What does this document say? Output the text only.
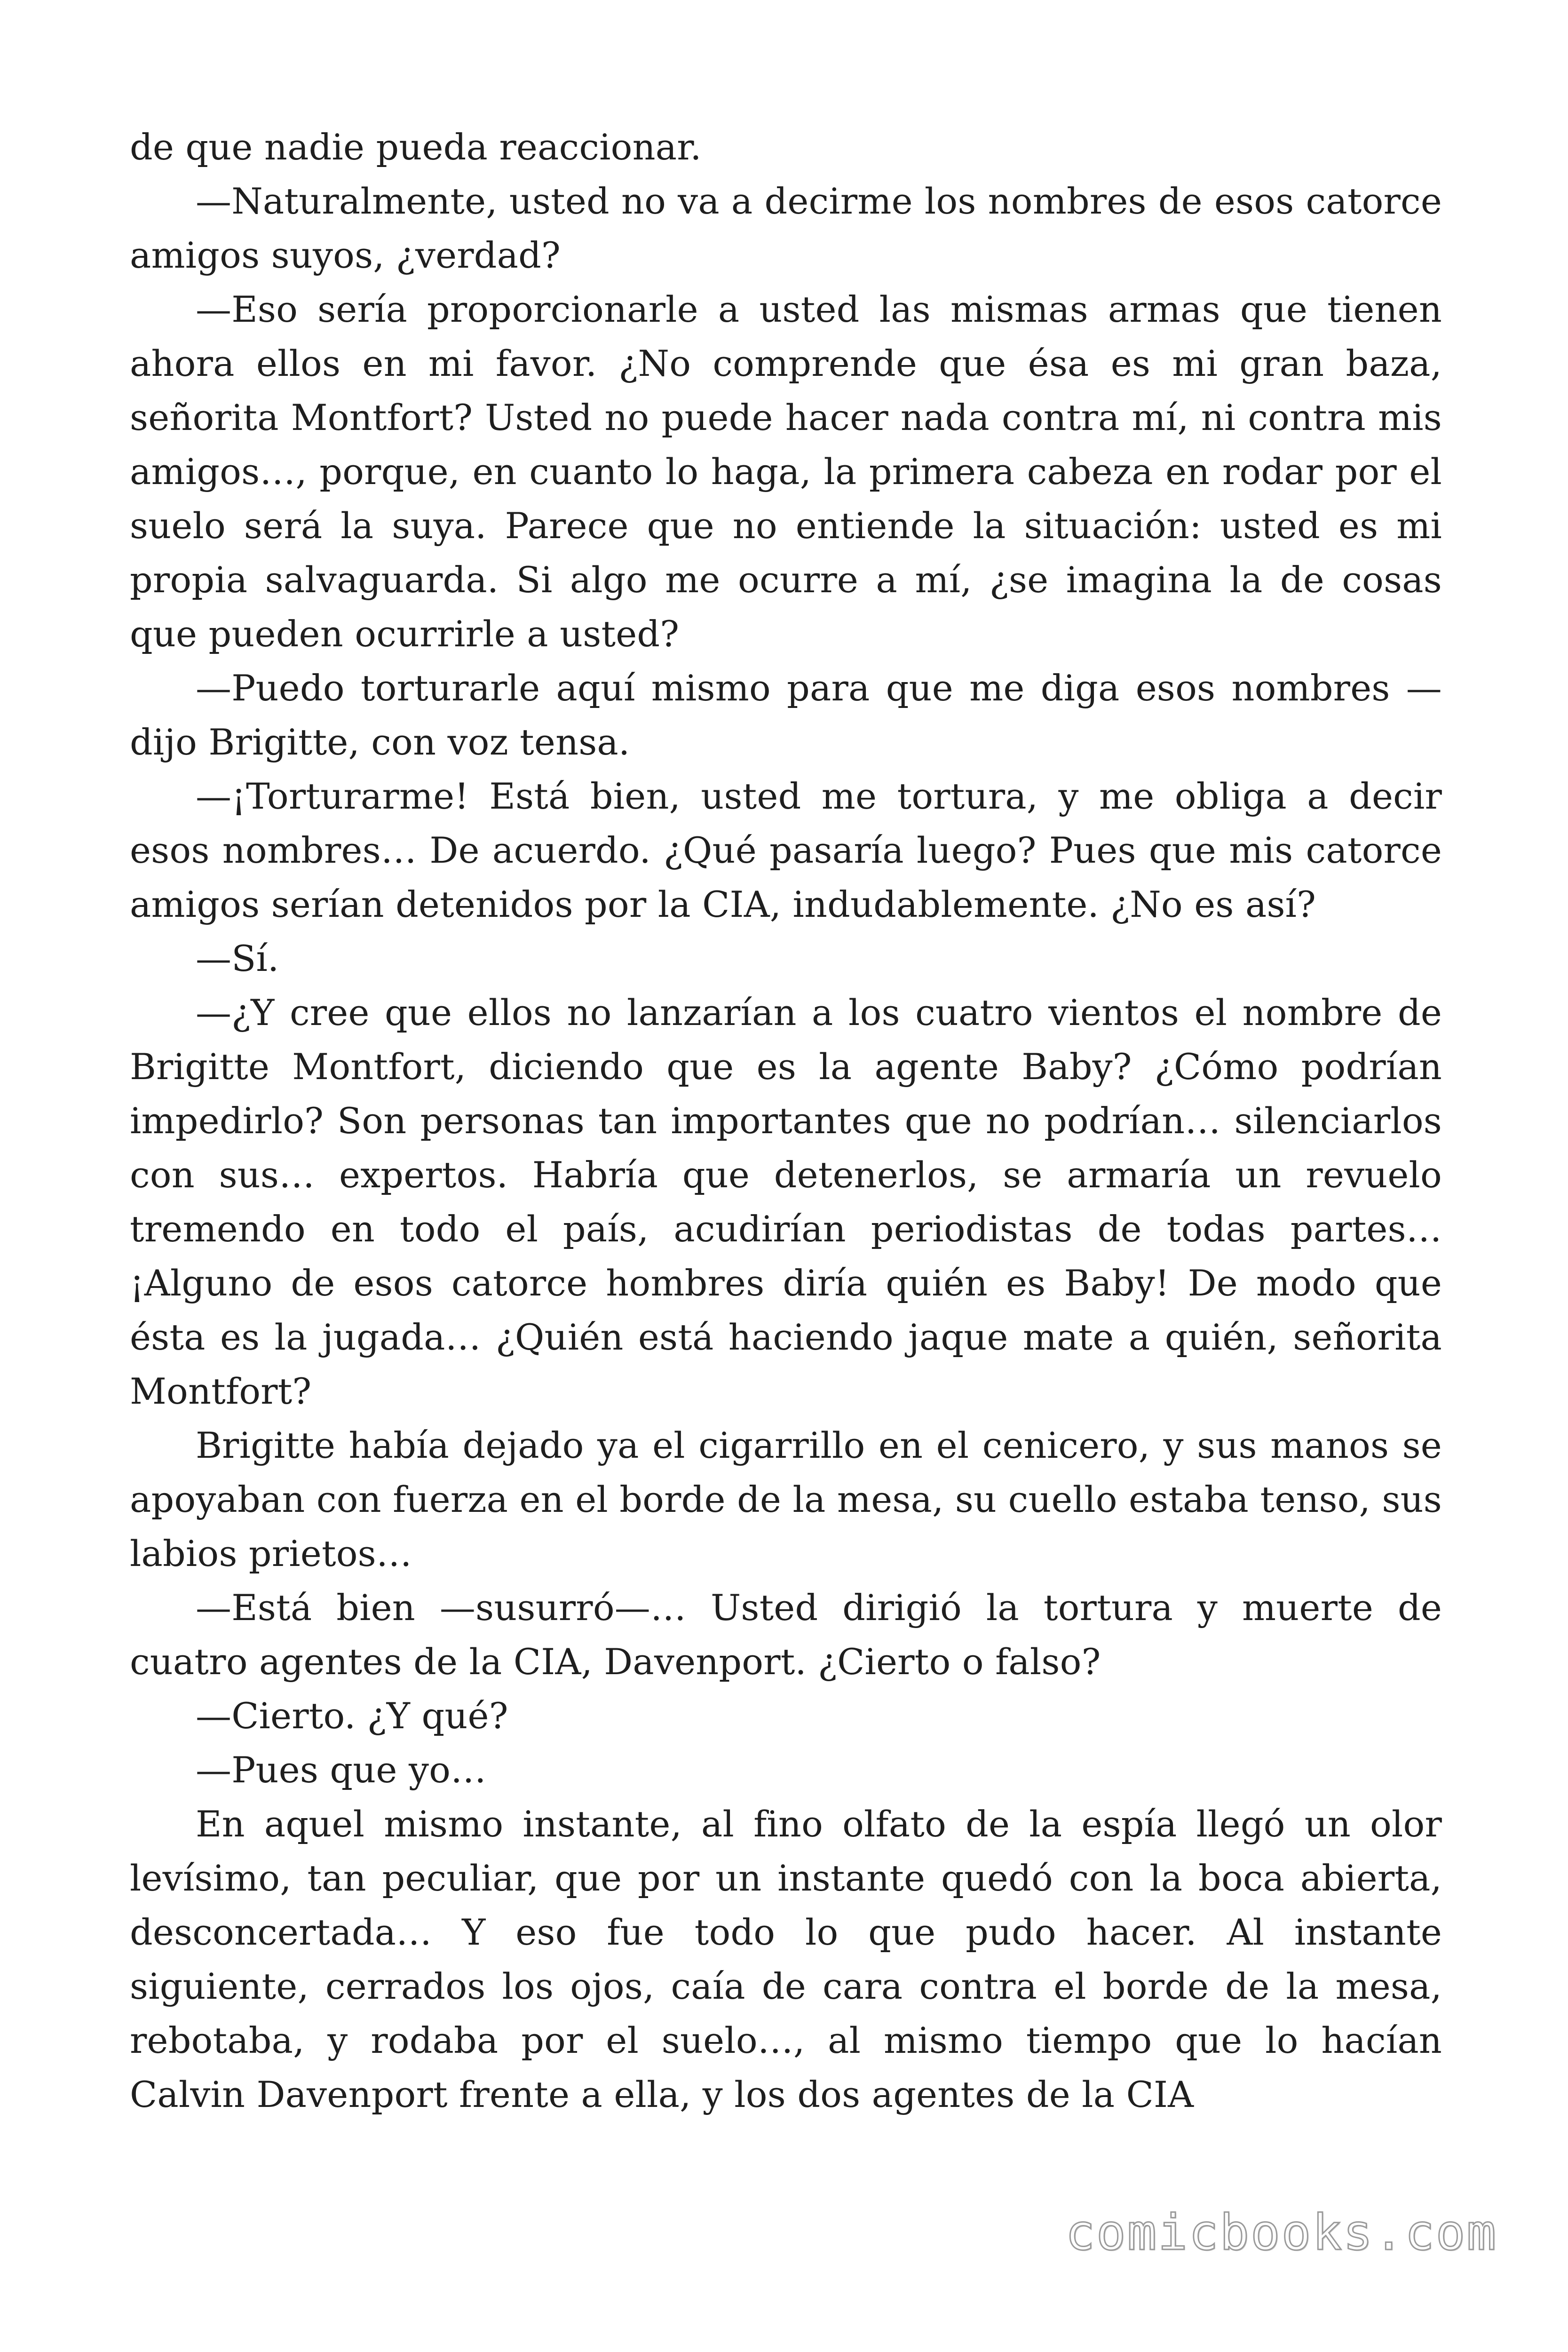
de que nadie pueda reaccionar.

—Naturalmente, usted no va a decirme los nombres de esos catorce amigos suyos, ¿verdad?

—Eso sería proporcionarle a usted las mismas armas que tienen ahora ellos en mi favor. ¿No comprende que ésa es mi gran baza, señorita Montfort? Usted no puede hacer nada contra mí, ni contra mis amigos…, porque, en cuanto lo haga, la primera cabeza en rodar por el suelo será la suya. Parece que no entiende la situación: usted es mi propia salvaguarda. Si algo me ocurre a mí, ¿se imagina la de cosas que pueden ocurrirle a usted?

—Puedo torturarle aquí mismo para que me diga esos nombres — dijo Brigitte, con voz tensa.

—¡Torturarme! Está bien, usted me tortura, y me obliga a decir esos nombres… De acuerdo. ¿Qué pasaría luego? Pues que mis catorce amigos serían detenidos por la CIA, indudablemente. ¿No es así?

—Sí.

—¿Y cree que ellos no lanzarían a los cuatro vientos el nombre de Brigitte Montfort, diciendo que es la agente Baby? ¿Cómo podrían impedirlo? Son personas tan importantes que no podrían… silenciarlos con sus… expertos. Habría que detenerlos, se armaría un revuelo tremendo en todo el país, acudirían periodistas de todas partes… ¡Alguno de esos catorce hombres diría quién es Baby! De modo que ésta es la jugada… ¿Quién está haciendo jaque mate a quién, señorita Montfort?

Brigitte había dejado ya el cigarrillo en el cenicero, y sus manos se apoyaban con fuerza en el borde de la mesa, su cuello estaba tenso, sus labios prietos…

—Está bien —susurró—… Usted dirigió la tortura y muerte de cuatro agentes de la CIA, Davenport. ¿Cierto o falso?

—Cierto. ¿Y qué?

—Pues que yo…

En aquel mismo instante, al fino olfato de la espía llegó un olor levísimo, tan peculiar, que por un instante quedó con la boca abierta, desconcertada… Y eso fue todo lo que pudo hacer. Al instante siguiente, cerrados los ojos, caía de cara contra el borde de la mesa, rebotaba, y rodaba por el suelo…, al mismo tiempo que lo hacían Calvin Davenport frente a ella, y los dos agentes de la CIA

comicbooks.com
